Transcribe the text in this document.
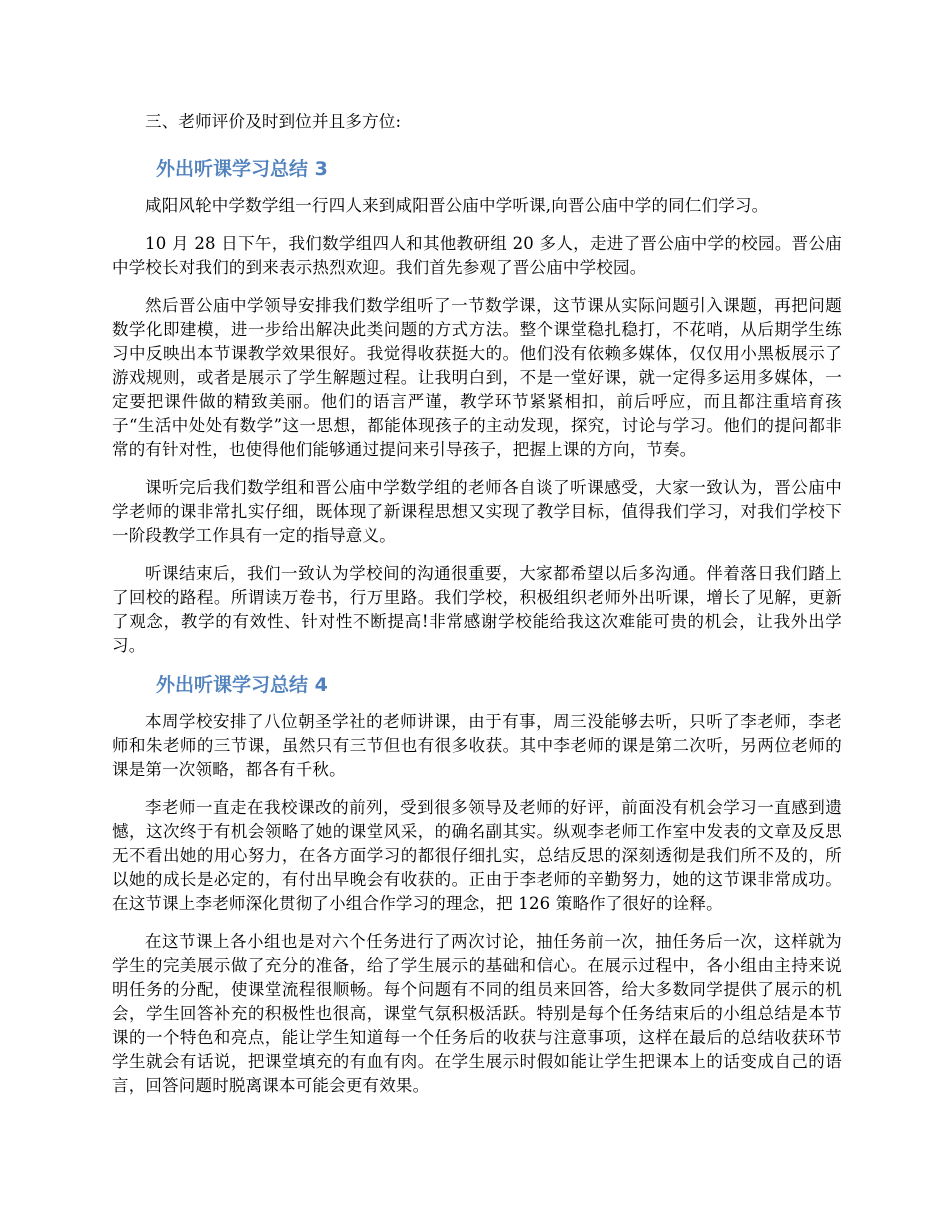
三、老师评价及时到位并且多方位:

外出听课学习总结 3

咸阳风轮中学数学组一行四人来到咸阳晋公庙中学听课,向晋公庙中学的同仁们学习。

10 月 28 日下午，我们数学组四人和其他教研组 20 多人，走进了晋公庙中学的校园。晋公庙中学校长对我们的到来表示热烈欢迎。我们首先参观了晋公庙中学校园。

然后晋公庙中学领导安排我们数学组听了一节数学课，这节课从实际问题引入课题，再把问题数学化即建模，进一步给出解决此类问题的方式方法。整个课堂稳扎稳打，不花哨，从后期学生练习中反映出本节课教学效果很好。我觉得收获挺大的。他们没有依赖多媒体，仅仅用小黑板展示了游戏规则，或者是展示了学生解题过程。让我明白到，不是一堂好课，就一定得多运用多媒体，一定要把课件做的精致美丽。他们的语言严谨，教学环节紧紧相扣，前后呼应，而且都注重培育孩子“生活中处处有数学”这一思想，都能体现孩子的主动发现，探究，讨论与学习。他们的提问都非常的有针对性，也使得他们能够通过提问来引导孩子，把握上课的方向，节奏。

课听完后我们数学组和晋公庙中学数学组的老师各自谈了听课感受，大家一致认为，晋公庙中学老师的课非常扎实仔细，既体现了新课程思想又实现了教学目标，值得我们学习，对我们学校下一阶段教学工作具有一定的指导意义。

听课结束后，我们一致认为学校间的沟通很重要，大家都希望以后多沟通。伴着落日我们踏上了回校的路程。所谓读万卷书，行万里路。我们学校，积极组织老师外出听课，增长了见解，更新了观念，教学的有效性、针对性不断提高!非常感谢学校能给我这次难能可贵的机会，让我外出学习。

外出听课学习总结 4

本周学校安排了八位朝圣学社的老师讲课，由于有事，周三没能够去听，只听了李老师，李老师和朱老师的三节课，虽然只有三节但也有很多收获。其中李老师的课是第二次听，另两位老师的课是第一次领略，都各有千秋。

李老师一直走在我校课改的前列，受到很多领导及老师的好评，前面没有机会学习一直感到遗憾，这次终于有机会领略了她的课堂风采，的确名副其实。纵观李老师工作室中发表的文章及反思无不看出她的用心努力，在各方面学习的都很仔细扎实，总结反思的深刻透彻是我们所不及的，所以她的成长是必定的，有付出早晚会有收获的。正由于李老师的辛勤努力，她的这节课非常成功。在这节课上李老师深化贯彻了小组合作学习的理念，把 126 策略作了很好的诠释。

在这节课上各小组也是对六个任务进行了两次讨论，抽任务前一次，抽任务后一次，这样就为学生的完美展示做了充分的准备，给了学生展示的基础和信心。在展示过程中，各小组由主持来说明任务的分配，使课堂流程很顺畅。每个问题有不同的组员来回答，给大多数同学提供了展示的机会，学生回答补充的积极性也很高，课堂气氛积极活跃。特别是每个任务结束后的小组总结是本节课的一个特色和亮点，能让学生知道每一个任务后的收获与注意事项，这样在最后的总结收获环节学生就会有话说，把课堂填充的有血有肉。在学生展示时假如能让学生把课本上的话变成自己的语言，回答问题时脱离课本可能会更有效果。
